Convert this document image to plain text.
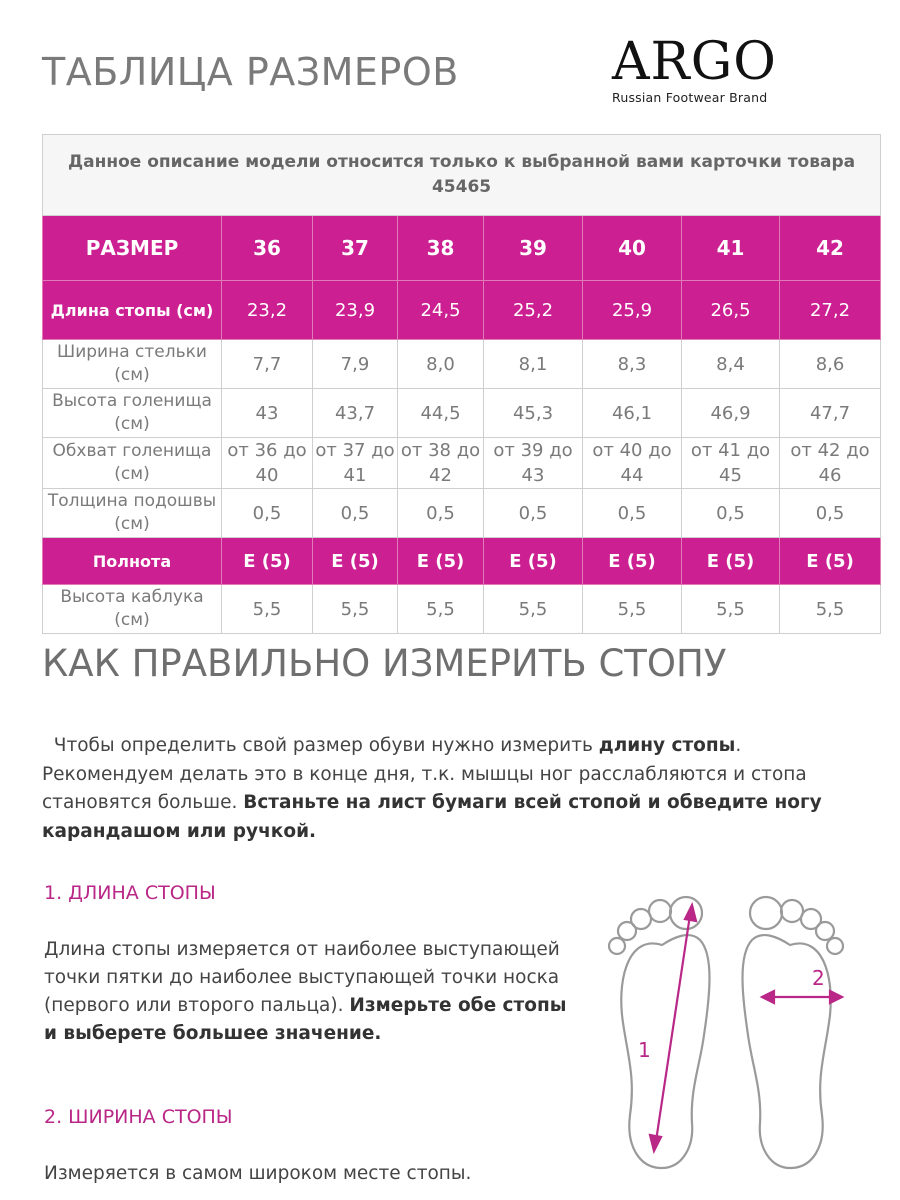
ТАБЛИЦА РАЗМЕРОВ	ARGO
Russian Footwear Brand
Данное описание модели относится только к выбранной вами карточки товара 45465							
РАЗМЕР	36	37	38	39	40	41	42
Длина стопы (см)	23,2	23,9	24,5	25,2	25,9	26,5	27,2
Ширина стельки (см)	7,7	7,9	8,0	8,1	8,3	8,4	8,6
Высота голенища (см)	43	43,7	44,5	45,3	46,1	46,9	47,7
Обхват голенища (см)	от 36 до 40	от 37 до 41	от 38 до 42	от 39 до 43	от 40 до 44	от 41 до 45	от 42 до 46
Толщина подошвы (см)	0,5	0,5	0,5	0,5	0,5	0,5	0,5
Полнота	E (5)	E (5)	E (5)	E (5)	E (5)	E (5)	E (5)
Высота каблука (см)	5,5	5,5	5,5	5,5	5,5	5,5	5,5
КАК ПРАВИЛЬНО ИЗМЕРИТЬ СТОПУ

Чтобы определить свой размер обуви нужно измерить длину стопы. Рекомендуем делать это в конце дня, т.к. мышцы ног расслабляются и стопа становятся больше. Встаньте на лист бумаги всей стопой и обведите ногу карандашом или ручкой.

1. ДЛИНА СТОПЫ

Длина стопы измеряется от наиболее выступающей точки пятки до наиболее выступающей точки носка (первого или второго пальца). Измерьте обе стопы и выберете большее значение.

2. ШИРИНА СТОПЫ

Измеряется в самом широком месте стопы.

1
2
